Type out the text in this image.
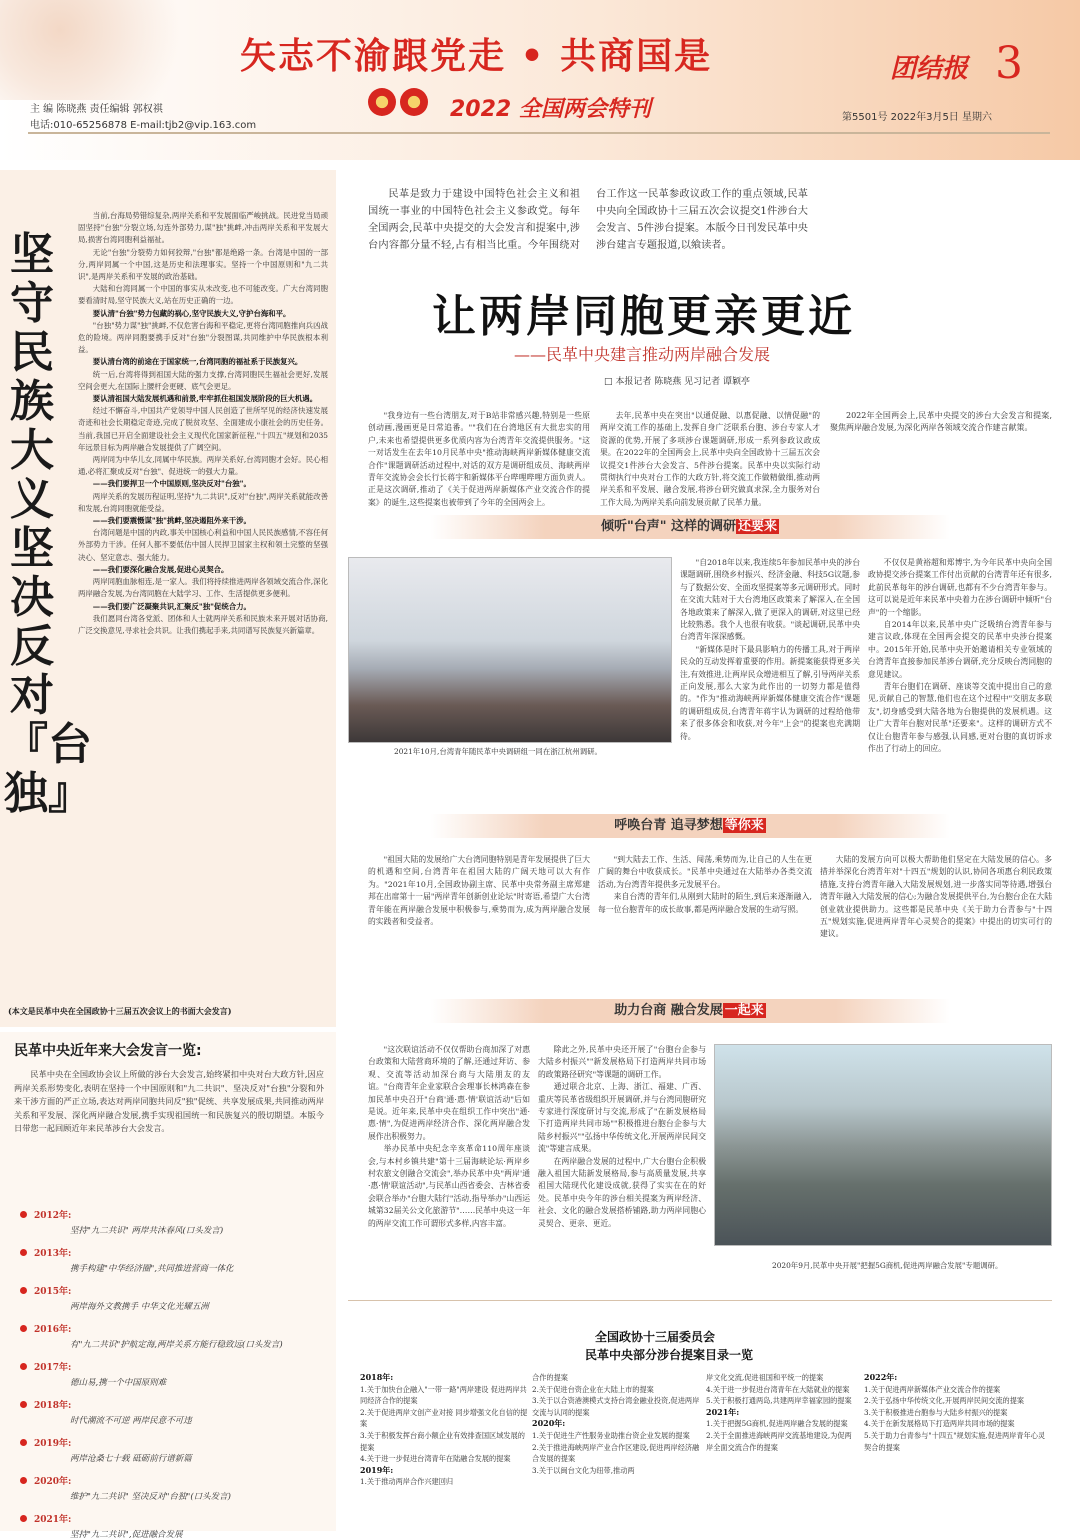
矢志不渝跟党走 • 共商国是
2022 全国两会特刊
团结报 3
主 编 陈晓燕 责任编辑 郭权祺
电话:010-65256878 E-mail:tjb2@vip.163.com
第5501号 2022年3月5日 星期六
坚守民族大义 坚决反对『台独』

当前,台海局势错综复杂,两岸关系和平发展面临严峻挑战。民进党当局顽固坚持"台独"分裂立场,勾连外部势力,谋"独"挑衅,冲击两岸关系和平发展大局,损害台湾同胞利益福祉。

无论"台独"分裂势力如何狡辩,"台独"都是绝路一条。台湾是中国的一部分,两岸同属一个中国,这是历史和法理事实。坚持一个中国原则和"九二共识",是两岸关系和平发展的政治基础。

大陆和台湾同属一个中国的事实从未改变,也不可能改变。广大台湾同胞要看清时局,坚守民族大义,站在历史正确的一边。

要认清"台独"势力包藏的祸心,坚守民族大义,守护台海和平。

"台独"势力谋"独"挑衅,不仅危害台海和平稳定,更将台湾同胞推向兵凶战危的险境。两岸同胞要携手反对"台独"分裂图谋,共同维护中华民族根本利益。

要认清台湾的前途在于国家统一,台湾同胞的福祉系于民族复兴。

统一后,台湾将得到祖国大陆的强力支撑,台湾同胞民生福祉会更好,发展空间会更大,在国际上腰杆会更硬、底气会更足。

要认清祖国大陆发展机遇和前景,牢牢抓住祖国发展阶段的巨大机遇。

经过不懈奋斗,中国共产党领导中国人民创造了世所罕见的经济快速发展奇迹和社会长期稳定奇迹,完成了脱贫攻坚、全面建成小康社会的历史任务。当前,我国已开启全面建设社会主义现代化国家新征程,"十四五"规划和2035年远景目标为两岸融合发展提供了广阔空间。

两岸同为中华儿女,同属中华民族。两岸关系好,台湾同胞才会好。民心相通,必将汇聚成反对"台独"、促进统一的强大力量。

——我们要捍卫一个中国原则,坚决反对"台独"。

两岸关系的发展历程证明,坚持"九二共识",反对"台独",两岸关系就能改善和发展,台湾同胞就能受益。

——我们要震慑谋"独"挑衅,坚决遏阻外来干涉。

台湾问题是中国的内政,事关中国核心利益和中国人民民族感情,不容任何外部势力干涉。任何人都不要低估中国人民捍卫国家主权和领土完整的坚强决心、坚定意志、强大能力。

——我们要深化融合发展,促进心灵契合。

两岸同胞血脉相连,是一家人。我们将持续推进两岸各领域交流合作,深化两岸融合发展,为台湾同胞在大陆学习、工作、生活提供更多便利。

——我们要广泛凝聚共识,汇聚反"独"促统合力。

我们愿同台湾各党派、团体和人士就两岸关系和民族未来开展对话协商,广泛交换意见,寻求社会共识。让我们携起手来,共同谱写民族复兴新篇章。

(本文是民革中央在全国政协十三届五次会议上的书面大会发言)
民革中央近年来大会发言一览:
民革中央在全国政协会议上所做的涉台大会发言,始终紧扣中央对台大政方针,因应两岸关系形势变化,表明在坚持一个中国原则和"九二共识"、坚决反对"台独"分裂和外来干涉方面的严正立场,表达对两岸同胞共同反"独"促统、共享发展成果,共同推动两岸关系和平发展、深化两岸融合发展,携手实现祖国统一和民族复兴的殷切期望。本版今日带您一起回顾近年来民革涉台大会发言。
2012年:
坚持"九二共识" 两岸共沐春风(口头发言)
2013年:
携手构建"中华经济圈",共同推进营商一体化
2015年:
两岸海外文教携手 中华文化光耀五洲
2016年:
有"九二共识"护航定海,两岸关系方能行稳致远(口头发言)
2017年:
德山易,携一个中国原则难
2018年:
时代潮流不可逆 两岸民意不可违
2019年:
两岸沧桑七十载 砥砺前行谱新篇
2020年:
维护"九二共识" 坚决反对"台独"(口头发言)
2021年:
坚持"九二共识",促进融合发展
民革是致力于建设中国特色社会主义和祖国统一事业的中国特色社会主义参政党。每年全国两会,民革中央提交的大会发言和提案中,涉台内容都分量不轻,占有相当比重。今年围绕对台工作这一民革参政议政工作的重点领域,民革中央向全国政协十三届五次会议提交1件涉台大会发言、5件涉台提案。本版今日刊发民革中央涉台建言专题报道,以飨读者。
让两岸同胞更亲更近
——民革中央建言推动两岸融合发展
□ 本报记者 陈晓燕 见习记者 谭颖亭

"我身边有一些台湾朋友,对于B站非常感兴趣,特别是一些原创动画,漫画更是日常追番。""我们在台湾地区有大批忠实的用户,未来也希望提供更多优质内容为台湾青年交流提供服务。"这一对话发生在去年10月民革中央"推动海峡两岸新媒体健康交流合作"课题调研活动过程中,对话的双方是调研组成员、海峡两岸青年交流协会会长行长蒋宇和新媒体平台哔哩哔哩方面负责人。正是这次调研,推动了《关于促进两岸新媒体产业交流合作的提案》的诞生,这些提案也被带到了今年的全国两会上。

去年,民革中央在突出"以通促融、以惠促融、以情促融"的两岸交流工作的基础上,发挥自身广泛联系台胞、涉台专家人才资源的优势,开展了多项涉台课题调研,形成一系列参政议政成果。在2022年的全国两会上,民革中央向全国政协十三届五次会议提交1件涉台大会发言、5件涉台提案。民革中央以实际行动贯彻执行中央对台工作的大政方针,将交流工作做精做细,推动两岸关系和平发展、融合发展,将涉台研究做真求深,全力服务对台工作大局,为两岸关系向前发展贡献了民革力量。

2022年全国两会上,民革中央提交的涉台大会发言和提案,聚焦两岸融合发展,为深化两岸各领域交流合作建言献策。

倾听"台声" 这样的调研 还要来
2021年10月,台湾青年随民革中央调研组一同在浙江杭州调研。

"自2018年以来,我连续5年参加民革中央的涉台课题调研,围绕乡村振兴、经济金融、科技5G议题,参与了数据公安、全面攻坚提案等多元调研形式。同时在交流大陆对于大台湾地区政策来了解深入,在全国各地政策来了解深入,做了更深入的调研,对这里已经比较熟悉。我个人也很有收获。"谈起调研,民革中央台湾青年深深感慨。

"新媒体是时下最具影响力的传播工具,对于两岸民众的互动发挥着重要的作用。新提案能获得更多关注,有效推进,让两岸民众增进相互了解,引导两岸关系正向发展,那么大家为此作出的一切努力都是值得的。"作为"推动海峡两岸新媒体健康交流合作"课题的调研组成员,台湾青年蒋宇认为调研的过程给他带来了很多体会和收获,对今年"上会"的提案也充满期待。

不仅仅是黄裕超和郑博宇,为今年民革中央向全国政协提交涉台提案工作付出贡献的台湾青年还有很多,此前民革每年的涉台调研,也都有不少台湾青年参与。这可以说是近年来民革中央着力在涉台调研中倾听"台声"的一个缩影。

自2014年以来,民革中央广泛吸纳台湾青年参与建言议政,体现在全国两会提交的民革中央涉台提案中。2015年开始,民革中央开始邀请相关专业领域的台湾青年直接参加民革涉台调研,充分反映台湾同胞的意见建议。

青年台胞们在调研、座谈等交流中提出自己的意见,贡献自己的智慧,他们也在这个过程中"交朋友多联友",切身感受到大陆各地为台胞提供的发展机遇。这让广大青年台胞对民革"还要来"。这样的调研方式不仅让台胞青年参与感强,认同感,更对台胞的真切诉求作出了行动上的回应。

呼唤台青 追寻梦想 等你来

"祖国大陆的发展给广大台湾同胞特别是青年发展提供了巨大的机遇和空间,台湾青年在祖国大陆的广阔天地可以大有作为。"2021年10月,全国政协副主席、民革中央常务副主席郑建邦在出席第十一届"两岸青年创新创业论坛"时寄语,希望广大台湾青年能在两岸融合发展中积极参与,乘势而为,成为两岸融合发展的实践者和受益者。

"到大陆去工作、生活、闯荡,乘势而为,让自己的人生在更广阔的舞台中收获成长。"民革中央通过在大陆举办各类交流活动,为台湾青年提供多元发展平台。

来自台湾的青年们,从刚到大陆时的陌生,到后来逐渐融入,每一位台胞青年的成长故事,都是两岸融合发展的生动写照。

大陆的发展方向可以极大帮助他们坚定在大陆发展的信心。多措并举深化台湾青年对"十四五"规划的认识,协同各项惠台利民政策措施,支持台湾青年融入大陆发展规划,进一步落实同等待遇,增强台湾青年融入大陆发展的信心;为融合发展提供平台,为台胞台企在大陆创业就业提供助力。这些都是民革中央《关于助力台青参与"十四五"规划实施,促进两岸青年心灵契合的提案》中提出的切实可行的建议。

助力台商 融合发展 一起来

"这次联谊活动不仅仅帮助台商加深了对惠台政策和大陆营商环境的了解,还通过拜访、参观、交流等活动加深台商与大陆朋友的友谊。"台商青年企业家联合会理事长林鸿森在参加民革中央召开"台商'通·惠·情'联谊活动"后如是说。近年来,民革中央在组织工作中突出"通·惠·情",为促进两岸经济合作、深化两岸融合发展作出积极努力。

举办民革中央纪念辛亥革命110周年座谈会,与本村乡镇共建"第十三届海峡论坛·两岸乡村农旅文创融合交流会",举办民革中央"两岸'通·惠·情'联谊活动",与民革山西省委会、吉林省委会联合举办"台胞大陆行"活动,指导举办"山西运城第32届关公文化旅游节"……民革中央这一年的两岸交流工作可谓形式多样,内容丰富。

除此之外,民革中央还开展了"台胞台企参与大陆乡村振兴""新发展格局下打造两岸共同市场的政策路径研究"等课题的调研工作。

通过联合北京、上海、浙江、福建、广西、重庆等民革省级组织开展调研,并与台湾同胞研究专家进行深度研讨与交流,形成了"在新发展格局下打造两岸共同市场""积极推进台胞台企参与大陆乡村振兴""弘扬中华传统文化,开展两岸民间交流"等建言成果。

在两岸融合发展的过程中,广大台胞台企积极融入祖国大陆新发展格局,参与高质量发展,共享祖国大陆现代化建设成就,获得了实实在在的好处。民革中央今年的涉台相关提案为两岸经济、社会、文化的融合发展搭桥铺路,助力两岸同胞心灵契合、更亲、更近。

2020年9月,民革中央开展"把握5G商机,促进两岸融合发展"专题调研。
全国政协十三届委员会
民革中央部分涉台提案目录一览
2018年:
1.关于加快台企融入"一带一路"两岸建设 促进两岸共同经济合作的提案
2.关于促进两岸文创产业对接 同步增强文化自信的提案
3.关于积极发挥台商小额企业有效排查国区域发展的提案
4.关于进一步促进台湾青年在陆融合发展的提案
2019年:
1.关于推动两岸合作兴建回归
合作的提案
2.关于促进台资企业在大陆上市的提案
3.关于以合资港澳模式支持台湾金融业投资,促进两岸交流与认同的提案
2020年:
1.关于促进生产性服务业助推台资企业发展的提案
2.关于推进海峡两岸产业合作区建设,促进两岸经济融合发展的提案
3.关于以闽台文化为纽带,推动两
岸文化交流,促进祖国和平统一的提案
4.关于进一步促进台湾青年在大陆就业的提案
5.关于积极打通两岛,共建两岸幸福家园的提案
2021年:
1.关于把握5G商机,促进两岸融合发展的提案
2.关于全面推进海峡两岸交流基地建设,为促两岸全面交流合作的提案
2022年:
1.关于促进两岸新媒体产业交流合作的提案
2.关于弘扬中华传统文化,开展两岸民间交流的提案
3.关于积极推进台胞参与大陆乡村振兴的提案
4.关于在新发展格局下打造两岸共同市场的提案
5.关于助力台青参与"十四五"规划实施,促进两岸青年心灵契合的提案
